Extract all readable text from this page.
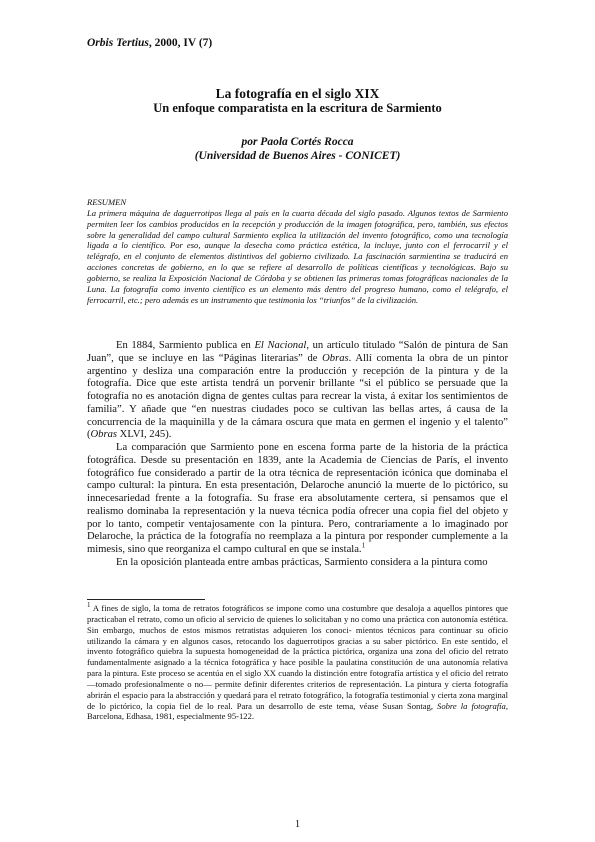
Orbis Tertius, 2000, IV (7)
La fotografía en el siglo XIX
Un enfoque comparatista en la escritura de Sarmiento
por Paola Cortés Rocca
(Universidad de Buenos Aires - CONICET)
RESUMEN
La primera máquina de daguerrotipos llega al país en la cuarta década del siglo pasado. Algunos textos de Sarmiento permiten leer los cambios producidos en la recepción y producción de la imagen fotográfica, pero, también, sus efectos sobre la generalidad del campo cultural Sarmiento explica la utilización del invento fotográfico, como una tecnología ligada a lo científico. Por eso, aunque la desecha como práctica estética, la incluye, junto con el ferrocarril y el telégrafo, en el conjunto de elementos distintivos del gobierno civilizado. La fascinación sarmientina se traducirá en acciones concretas de gobierno, en lo que se refiere al desarrollo de políticas científicas y tecnológicas. Bajo su gobierno, se realiza la Exposición Nacional de Córdoba y se obtienen las primeras tomas fotográficas nacionales de la Luna. La fotografía como invento científico es un elemento más dentro del progreso humano, como el telégrafo, el ferrocarril, etc.; pero además es un instrumento que testimonia los “triunfos” de la civilización.

En 1884, Sarmiento publica en El Nacional, un artículo titulado “Salón de pintura de San Juan”, que se incluye en las “Páginas literarias” de Obras. Allí comenta la obra de un pintor argentino y desliza una comparación entre la producción y recepción de la pintura y de la fotografía. Dice que este artista tendrá un porvenir brillante “si el público se persuade que la fotografía no es anotación digna de gentes cultas para recrear la vista, á exitar los sentimientos de familia”. Y añade que “en nuestras ciudades poco se cultivan las bellas artes, á causa de la concurrencia de la maquinilla y de la cámara oscura que mata en germen el ingenio y el talento” (Obras XLVI, 245).

La comparación que Sarmiento pone en escena forma parte de la historia de la práctica fotográfica. Desde su presentación en 1839, ante la Academia de Ciencias de París, el invento fotográfico fue considerado a partir de la otra técnica de representación icónica que dominaba el campo cultural: la pintura. En esta presentación, Delaroche anunció la muerte de lo pictórico, su innecesariedad frente a la fotografía. Su frase era absolutamente certera, si pensamos que el realismo dominaba la representación y la nueva técnica podía ofrecer una copia fiel del objeto y por lo tanto, competir ventajosamente con la pintura. Pero, contrariamente a lo imaginado por Delaroche, la práctica de la fotografía no reemplaza a la pintura por responder cumplemente a la mimesis, sino que reorganiza el campo cultural en que se instala.$^1$

En la oposición planteada entre ambas prácticas, Sarmiento considera a la pintura como

$^1$ A fines de siglo, la toma de retratos fotográficos se impone como una costumbre que desaloja a aquellos pintores que practicaban el retrato, como un oficio al servicio de quienes lo solicitaban y no como una práctica con autonomía estética. Sin embargo, muchos de estos mismos retratistas adquieren los conoci- mientos técnicos para continuar su oficio utilizando la cámara y en algunos casos, retocando los daguerrotipos gracias a su saber pictórico. En este sentido, el invento fotográfico quiebra la supuesta homogeneidad de la práctica pictórica, organiza una zona del oficio del retrato fundamentalmente asignado a la técnica fotográfica y hace posible la paulatina constitución de una autonomía relativa para la pintura. Este proceso se acentúa en el siglo XX cuando la distinción entre fotografía artística y el oficio del retrato —tomado profesionalmente o no— permite definir diferentes criterios de representación. La pintura y cierta fotografía abrirán el espacio para la abstracción y quedará para el retrato fotográfico, la fotografía testimonial y cierta zona marginal de lo pictórico, la copia fiel de lo real. Para un desarrollo de este tema, véase Susan Sontag, Sobre la fotografía, Barcelona, Edhasa, 1981, especialmente 95-122.
1
